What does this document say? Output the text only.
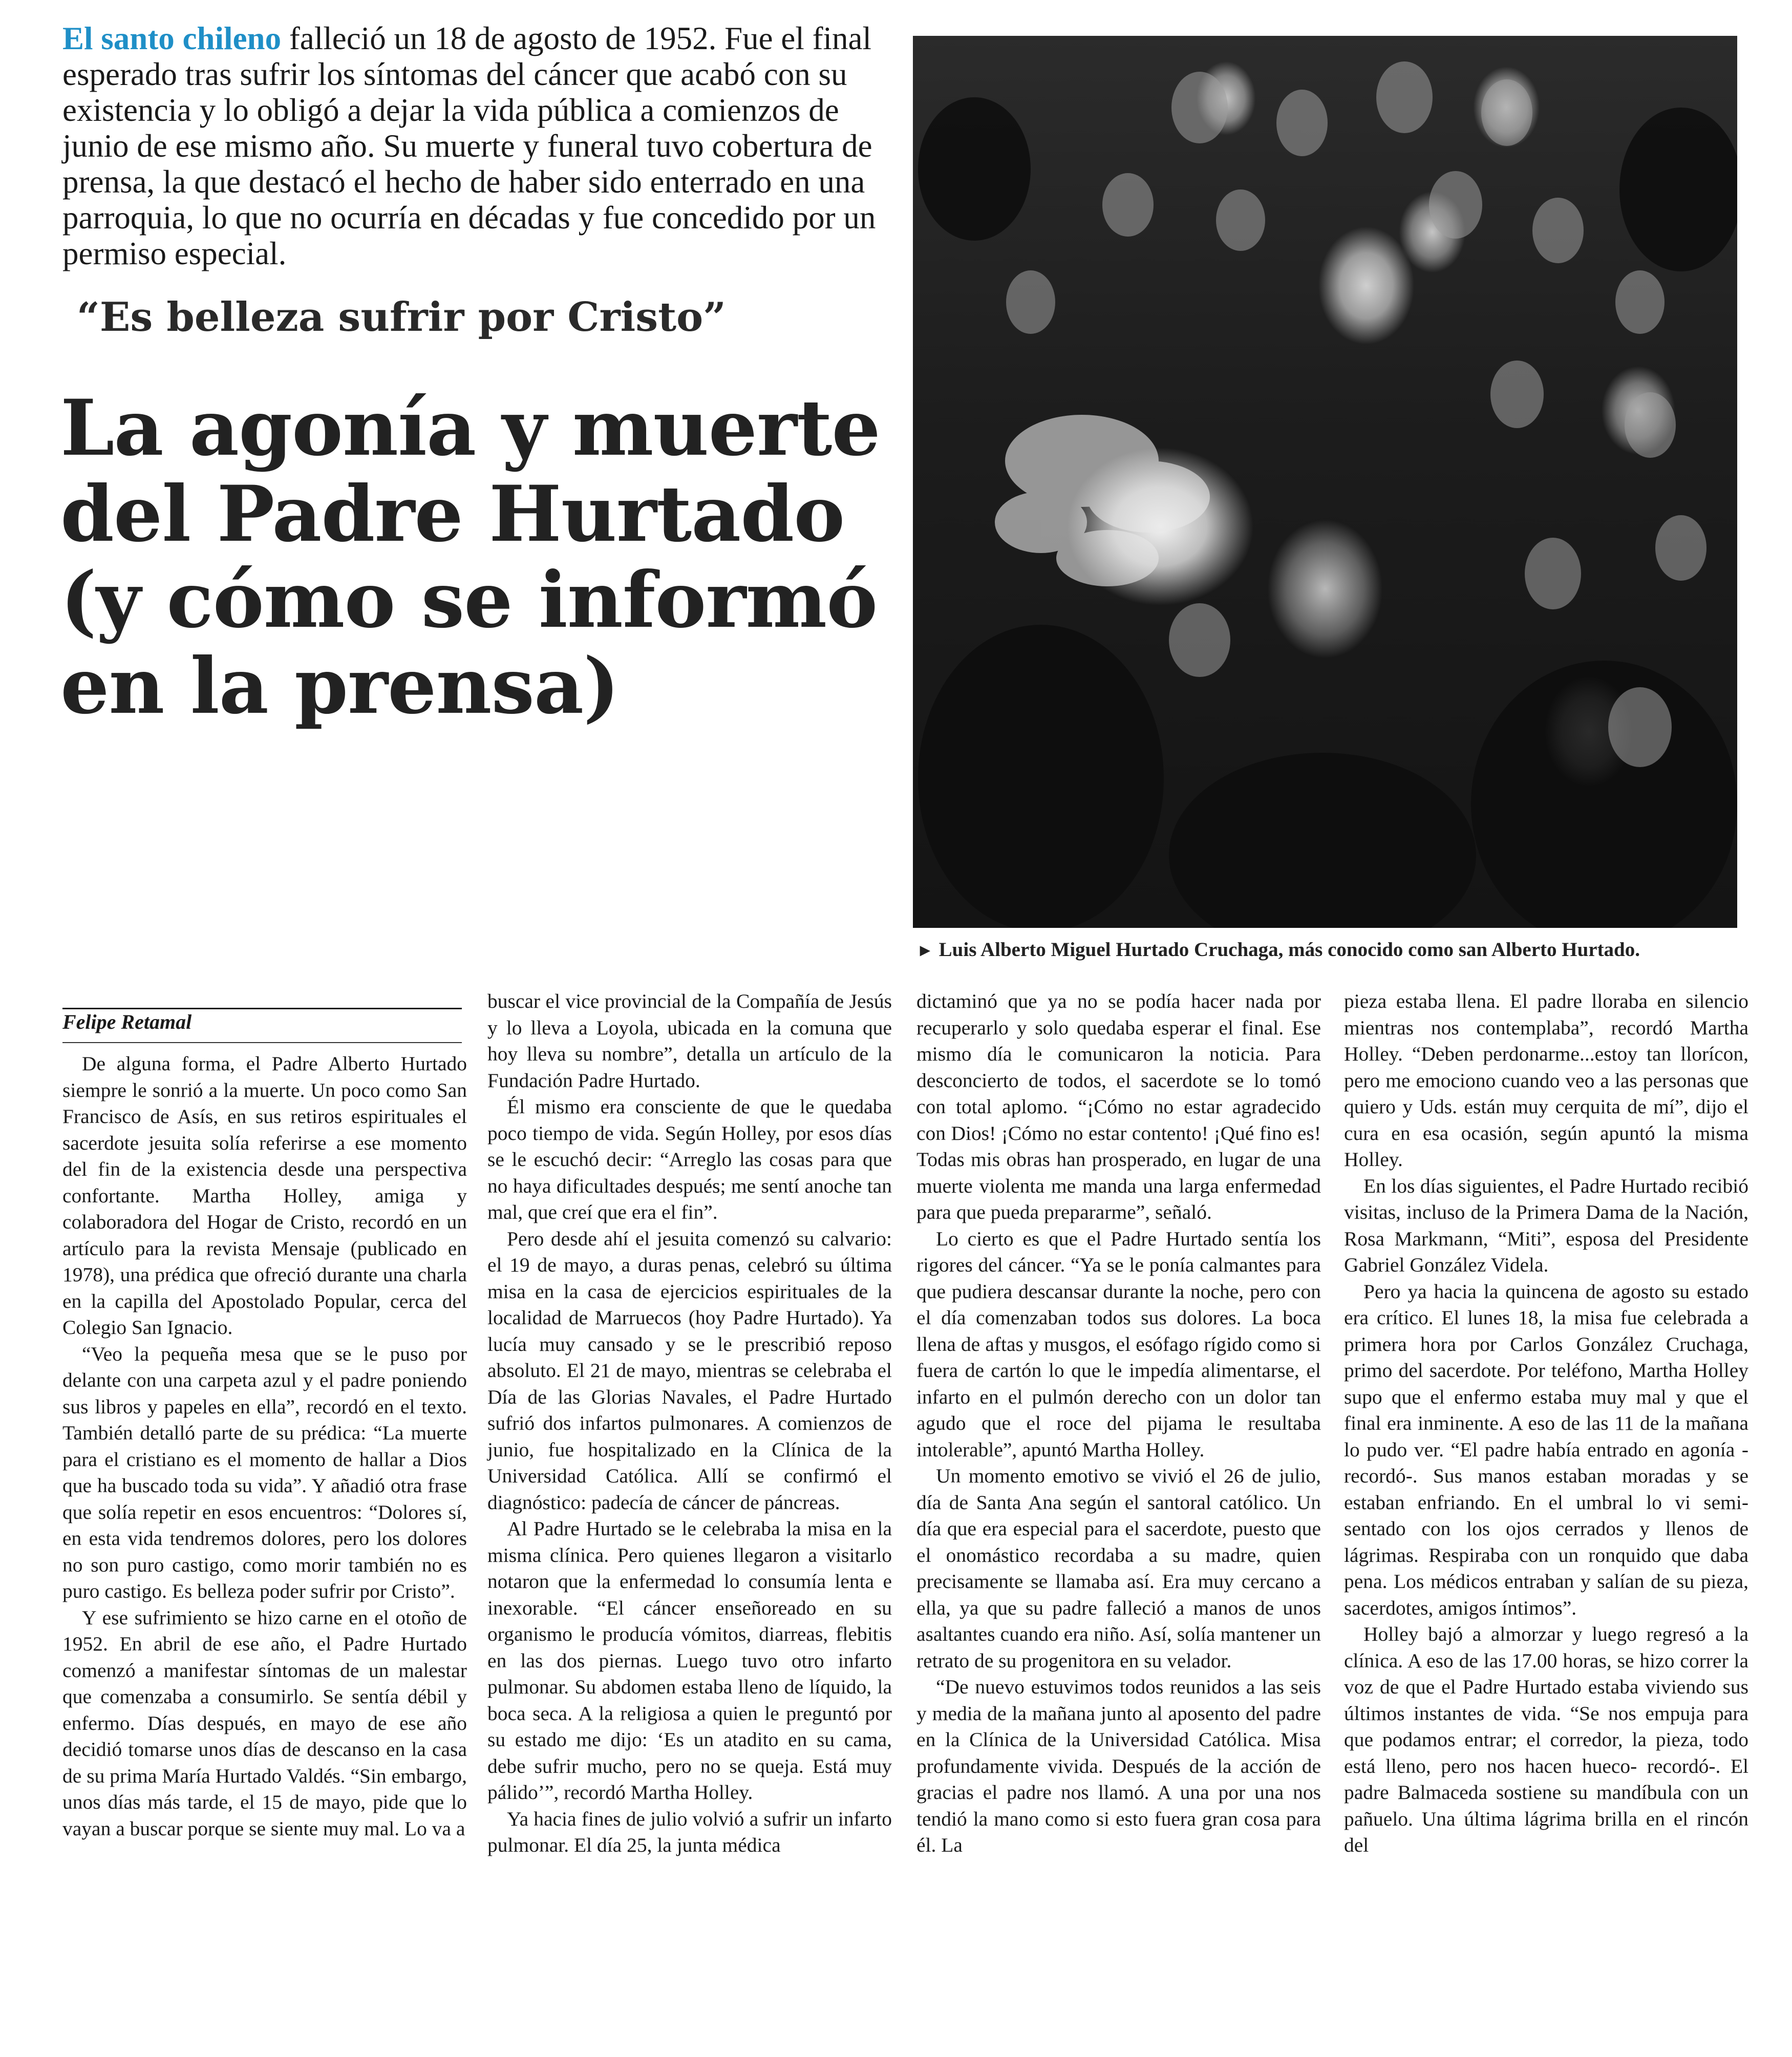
El santo chileno falleció un 18 de agosto de 1952. Fue el final esperado tras sufrir los síntomas del cáncer que acabó con su existencia y lo obligó a dejar la vida pública a comienzos de junio de ese mismo año. Su muerte y funeral tuvo cobertura de prensa, la que destacó el hecho de haber sido enterrado en una parroquia, lo que no ocurría en décadas y fue concedido por un permiso especial.
“Es belleza sufrir por Cristo”
La agonía y muerte del Padre Hurtado (y cómo se informó en la prensa)
► Luis Alberto Miguel Hurtado Cruchaga, más conocido como san Alberto Hurtado.
Felipe Retamal

De alguna forma, el Padre Alberto Hurtado siempre le sonrió a la muerte. Un poco como San Francisco de Asís, en sus retiros espirituales el sacerdote jesuita solía referirse a ese momento del fin de la existencia desde una perspectiva confortante. Martha Holley, amiga y colaboradora del Hogar de Cristo, recordó en un artículo para la revista Mensaje (publicado en 1978), una prédica que ofreció durante una charla en la capilla del Apostolado Popular, cerca del Colegio San Ignacio.

“Veo la pequeña mesa que se le puso por delante con una carpeta azul y el padre poniendo sus libros y papeles en ella”, recordó en el texto. También detalló parte de su prédica: “La muerte para el cristiano es el momento de hallar a Dios que ha buscado toda su vida”. Y añadió otra frase que solía repetir en esos encuentros: “Dolores sí, en esta vida tendremos dolores, pero los dolores no son puro castigo, como morir también no es puro castigo. Es belleza poder sufrir por Cristo”.

Y ese sufrimiento se hizo carne en el otoño de 1952. En abril de ese año, el Padre Hurtado comenzó a manifestar síntomas de un malestar que comenzaba a consumirlo. Se sentía débil y enfermo. Días después, en mayo de ese año decidió tomarse unos días de descanso en la casa de su prima María Hurtado Valdés. “Sin embargo, unos días más tarde, el 15 de mayo, pide que lo vayan a buscar porque se siente muy mal. Lo va a

buscar el vice provincial de la Compañía de Jesús y lo lleva a Loyola, ubicada en la comuna que hoy lleva su nombre”, detalla un artículo de la Fundación Padre Hurtado.

Él mismo era consciente de que le quedaba poco tiempo de vida. Según Holley, por esos días se le escuchó decir: “Arreglo las cosas para que no haya dificultades después; me sentí anoche tan mal, que creí que era el fin”.

Pero desde ahí el jesuita comenzó su calvario: el 19 de mayo, a duras penas, celebró su última misa en la casa de ejercicios espirituales de la localidad de Marruecos (hoy Padre Hurtado). Ya lucía muy cansado y se le prescribió reposo absoluto. El 21 de mayo, mientras se celebraba el Día de las Glorias Navales, el Padre Hurtado sufrió dos infartos pulmonares. A comienzos de junio, fue hospitalizado en la Clínica de la Universidad Católica. Allí se confirmó el diagnóstico: padecía de cáncer de páncreas.

Al Padre Hurtado se le celebraba la misa en la misma clínica. Pero quienes llegaron a visitarlo notaron que la enfermedad lo consumía lenta e inexorable. “El cáncer enseñoreado en su organismo le producía vómitos, diarreas, flebitis en las dos piernas. Luego tuvo otro infarto pulmonar. Su abdomen estaba lleno de líquido, la boca seca. A la religiosa a quien le preguntó por su estado me dijo: ‘Es un atadito en su cama, debe sufrir mucho, pero no se queja. Está muy pálido’”, recordó Martha Holley.

Ya hacia fines de julio volvió a sufrir un infarto pulmonar. El día 25, la junta médica

dictaminó que ya no se podía hacer nada por recuperarlo y solo quedaba esperar el final. Ese mismo día le comunicaron la noticia. Para desconcierto de todos, el sacerdote se lo tomó con total aplomo. “¡Cómo no estar agradecido con Dios! ¡Cómo no estar contento! ¡Qué fino es! Todas mis obras han prosperado, en lugar de una muerte violenta me manda una larga enfermedad para que pueda prepararme”, señaló.

Lo cierto es que el Padre Hurtado sentía los rigores del cáncer. “Ya se le ponía calmantes para que pudiera descansar durante la noche, pero con el día comenzaban todos sus dolores. La boca llena de aftas y musgos, el esófago rígido como si fuera de cartón lo que le impedía alimentarse, el infarto en el pulmón derecho con un dolor tan agudo que el roce del pijama le resultaba intolerable”, apuntó Martha Holley.

Un momento emotivo se vivió el 26 de julio, día de Santa Ana según el santoral católico. Un día que era especial para el sacerdote, puesto que el onomástico recordaba a su madre, quien precisamente se llamaba así. Era muy cercano a ella, ya que su padre falleció a manos de unos asaltantes cuando era niño. Así, solía mantener un retrato de su progenitora en su velador.

“De nuevo estuvimos todos reunidos a las seis y media de la mañana junto al aposento del padre en la Clínica de la Universidad Católica. Misa profundamente vivida. Después de la acción de gracias el padre nos llamó. A una por una nos tendió la mano como si esto fuera gran cosa para él. La

pieza estaba llena. El padre lloraba en silencio mientras nos contemplaba”, recordó Martha Holley. “Deben perdonarme...estoy tan llorícon, pero me emociono cuando veo a las personas que quiero y Uds. están muy cerquita de mí”, dijo el cura en esa ocasión, según apuntó la misma Holley.

En los días siguientes, el Padre Hurtado recibió visitas, incluso de la Primera Dama de la Nación, Rosa Markmann, “Miti”, esposa del Presidente Gabriel González Videla.

Pero ya hacia la quincena de agosto su estado era crítico. El lunes 18, la misa fue celebrada a primera hora por Carlos González Cruchaga, primo del sacerdote. Por teléfono, Martha Holley supo que el enfermo estaba muy mal y que el final era inminente. A eso de las 11 de la mañana lo pudo ver. “El padre había entrado en agonía -recordó-. Sus manos estaban moradas y se estaban enfriando. En el umbral lo vi semi-sentado con los ojos cerrados y llenos de lágrimas. Respiraba con un ronquido que daba pena. Los médicos entraban y salían de su pieza, sacerdotes, amigos íntimos”.

Holley bajó a almorzar y luego regresó a la clínica. A eso de las 17.00 horas, se hizo correr la voz de que el Padre Hurtado estaba viviendo sus últimos instantes de vida. “Se nos empuja para que podamos entrar; el corredor, la pieza, todo está lleno, pero nos hacen hueco- recordó-. El padre Balmaceda sostiene su mandíbula con un pañuelo. Una última lágrima brilla en el rincón del
